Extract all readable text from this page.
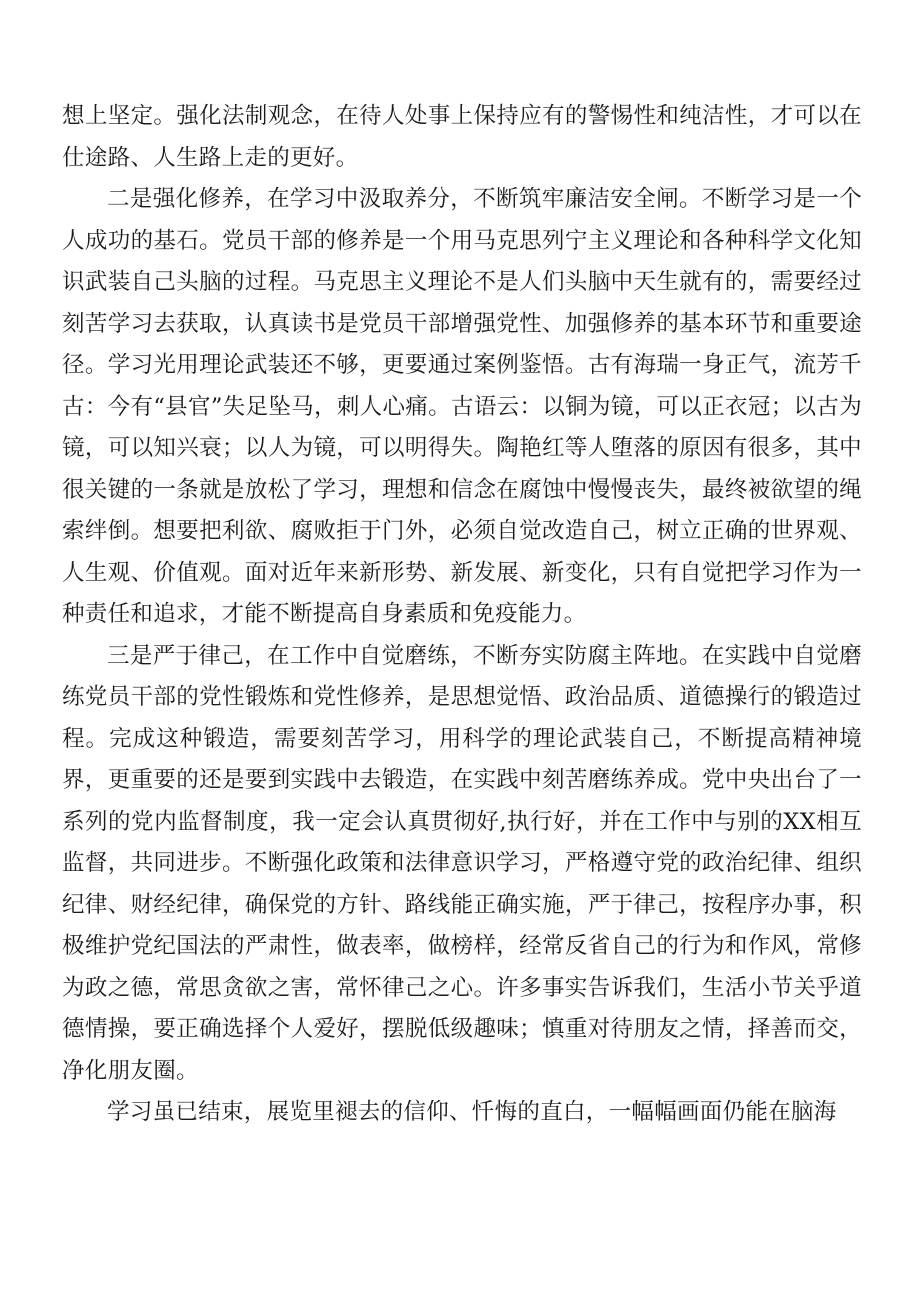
想上坚定。强化法制观念，在待人处事上保持应有的警惕性和纯洁性，才可以在仕途路、人生路上走的更好。

二是强化修养，在学习中汲取养分，不断筑牢廉洁安全闸。不断学习是一个人成功的基石。党员干部的修养是一个用马克思列宁主义理论和各种科学文化知识武装自己头脑的过程。马克思主义理论不是人们头脑中天生就有的，需要经过刻苦学习去获取，认真读书是党员干部增强党性、加强修养的基本环节和重要途径。学习光用理论武装还不够，更要通过案例鉴悟。古有海瑞一身正气，流芳千古：今有“县官”失足坠马，刺人心痛。古语云：以铜为镜，可以正衣冠；以古为镜，可以知兴衰；以人为镜，可以明得失。陶艳红等人堕落的原因有很多，其中很关键的一条就是放松了学习，理想和信念在腐蚀中慢慢丧失，最终被欲望的绳索绊倒。想要把利欲、腐败拒于门外，必须自觉改造自己，树立正确的世界观、人生观、价值观。面对近年来新形势、新发展、新变化，只有自觉把学习作为一种责任和追求，才能不断提高自身素质和免疫能力。

三是严于律己，在工作中自觉磨练，不断夯实防腐主阵地。在实践中自觉磨练党员干部的党性锻炼和党性修养，是思想觉悟、政治品质、道德操行的锻造过程。完成这种锻造，需要刻苦学习，用科学的理论武装自己，不断提高精神境界，更重要的还是要到实践中去锻造，在实践中刻苦磨练养成。党中央出台了一系列的党内监督制度，我一定会认真贯彻好,执行好，并在工作中与别的XX相互监督，共同进步。不断强化政策和法律意识学习，严格遵守党的政治纪律、组织纪律、财经纪律，确保党的方针、路线能正确实施，严于律己，按程序办事，积极维护党纪国法的严肃性，做表率，做榜样，经常反省自己的行为和作风，常修为政之德，常思贪欲之害，常怀律己之心。许多事实告诉我们，生活小节关乎道德情操，要正确选择个人爱好，摆脱低级趣味；慎重对待朋友之情，择善而交，净化朋友圈。

学习虽已结束，展览里褪去的信仰、忏悔的直白，一幅幅画面仍能在脑海
